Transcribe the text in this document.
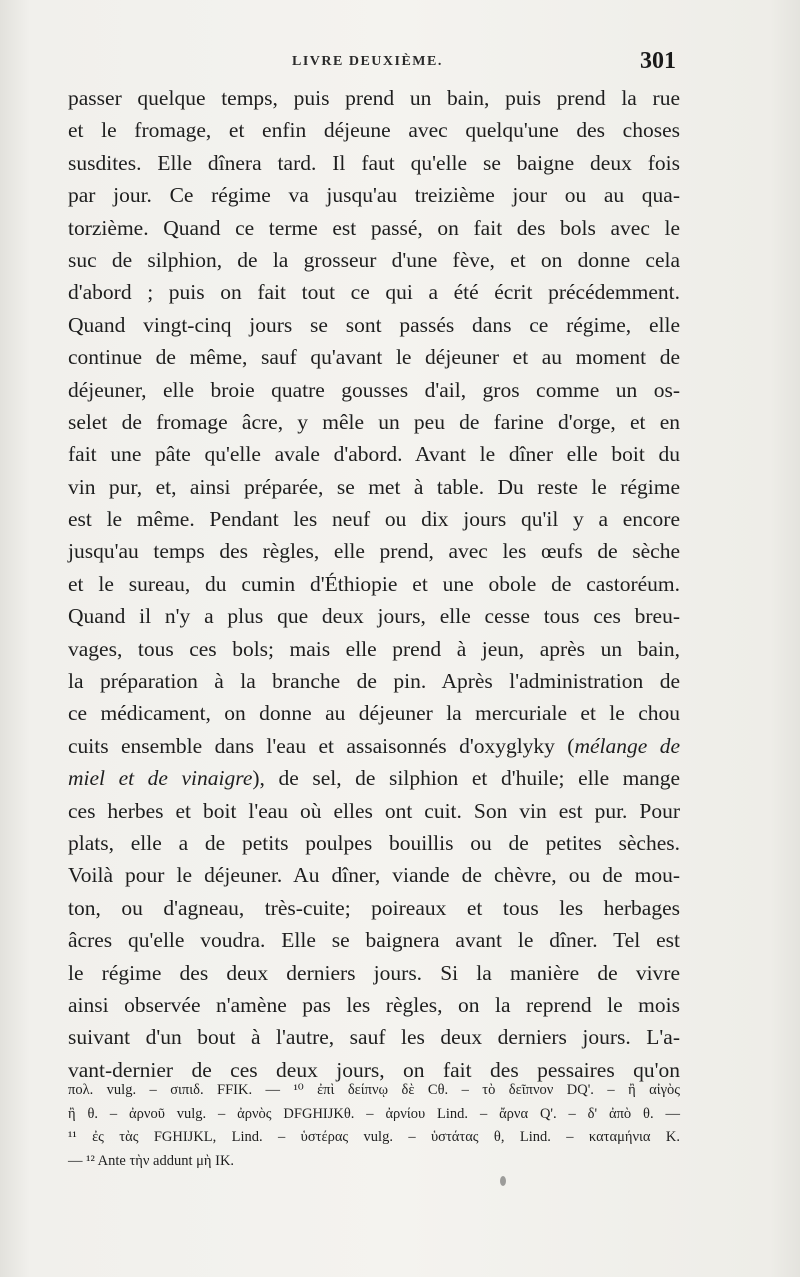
LIVRE DEUXIÈME.	301
passer quelque temps, puis prend un bain, puis prend la rue
et le fromage, et enfin déjeune avec quelqu'une des choses
susdites. Elle dînera tard. Il faut qu'elle se baigne deux fois
par jour. Ce régime va jusqu'au treizième jour ou au qua-
torzième. Quand ce terme est passé, on fait des bols avec le
suc de silphion, de la grosseur d'une fève, et on donne cela
d'abord ; puis on fait tout ce qui a été écrit précédemment.
Quand vingt-cinq jours se sont passés dans ce régime, elle
continue de même, sauf qu'avant le déjeuner et au moment de
déjeuner, elle broie quatre gousses d'ail, gros comme un os-
selet de fromage âcre, y mêle un peu de farine d'orge, et en
fait une pâte qu'elle avale d'abord. Avant le dîner elle boit du
vin pur, et, ainsi préparée, se met à table. Du reste le régime
est le même. Pendant les neuf ou dix jours qu'il y a encore
jusqu'au temps des règles, elle prend, avec les œufs de sèche
et le sureau, du cumin d'Éthiopie et une obole de castoréum.
Quand il n'y a plus que deux jours, elle cesse tous ces breu-
vages, tous ces bols; mais elle prend à jeun, après un bain,
la préparation à la branche de pin. Après l'administration de
ce médicament, on donne au déjeuner la mercuriale et le chou
cuits ensemble dans l'eau et assaisonnés d'oxyglyky (mélange de
miel et de vinaigre), de sel, de silphion et d'huile; elle mange
ces herbes et boit l'eau où elles ont cuit. Son vin est pur. Pour
plats, elle a de petits poulpes bouillis ou de petites sèches.
Voilà pour le déjeuner. Au dîner, viande de chèvre, ou de mou-
ton, ou d'agneau, très-cuite; poireaux et tous les herbages
âcres qu'elle voudra. Elle se baignera avant le dîner. Tel est
le régime des deux derniers jours. Si la manière de vivre
ainsi observée n'amène pas les règles, on la reprend le mois
suivant d'un bout à l'autre, sauf les deux derniers jours. L'a-
vant-dernier de ces deux jours, on fait des pessaires qu'on
πολ. vulg. – σιπιδ. FFIK. — ¹⁰ ἐπὶ δείπνῳ δὲ Cθ. – τὸ δεῖπνον DQ'. – ἢ αἰγὸς
ἢ θ. – ἀρνοῦ vulg. – ἀρνὸς DFGHIJKθ. – ἀρνίου Lind. – ἄρνα Q'. – δ' ἀπὸ θ. —
¹¹ ἐς τὰς FGHIJKL, Lind. – ὑστέρας vulg. – ὑστάτας θ, Lind. – καταμήνια K.
— ¹² Ante τὴν addunt μὴ IK.
